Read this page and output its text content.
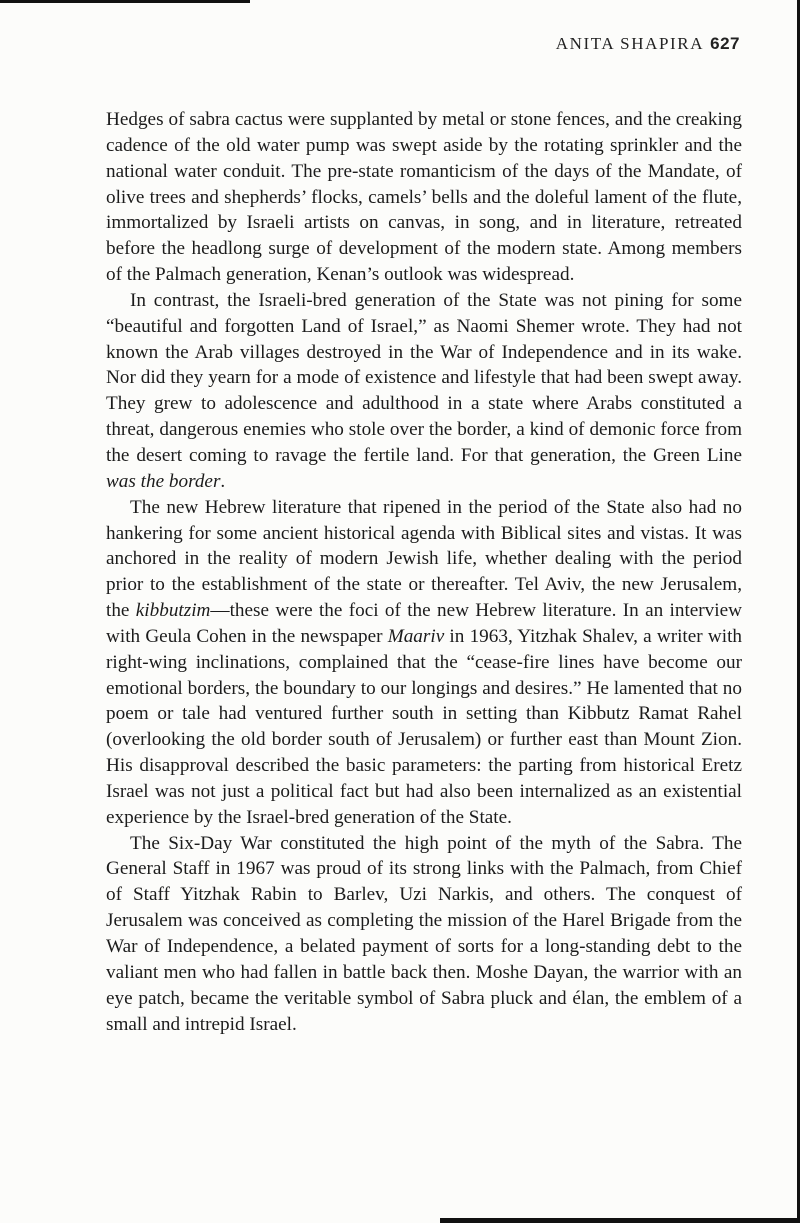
ANITA SHAPIRA 627

Hedges of sabra cactus were supplanted by metal or stone fences, and the creaking cadence of the old water pump was swept aside by the rotating sprinkler and the national water conduit. The pre-state romanticism of the days of the Mandate, of olive trees and shepherds’ flocks, camels’ bells and the doleful lament of the flute, immortalized by Israeli artists on canvas, in song, and in literature, retreated before the headlong surge of development of the modern state. Among members of the Palmach generation, Kenan’s outlook was widespread.

In contrast, the Israeli-bred generation of the State was not pining for some “beautiful and forgotten Land of Israel,” as Naomi Shemer wrote. They had not known the Arab villages destroyed in the War of Independence and in its wake. Nor did they yearn for a mode of existence and lifestyle that had been swept away. They grew to adolescence and adulthood in a state where Arabs constituted a threat, dangerous enemies who stole over the border, a kind of demonic force from the desert coming to ravage the fertile land. For that generation, the Green Line was the border.

The new Hebrew literature that ripened in the period of the State also had no hankering for some ancient historical agenda with Biblical sites and vistas. It was anchored in the reality of modern Jewish life, whether dealing with the period prior to the establishment of the state or thereafter. Tel Aviv, the new Jerusalem, the kibbutzim—these were the foci of the new Hebrew literature. In an interview with Geula Cohen in the newspaper Maariv in 1963, Yitzhak Shalev, a writer with right-wing inclinations, complained that the “cease-fire lines have become our emotional borders, the boundary to our longings and desires.” He lamented that no poem or tale had ventured further south in setting than Kibbutz Ramat Rahel (overlooking the old border south of Jerusalem) or further east than Mount Zion. His disapproval described the basic parameters: the parting from historical Eretz Israel was not just a political fact but had also been internalized as an existential experience by the Israel-bred generation of the State.

The Six-Day War constituted the high point of the myth of the Sabra. The General Staff in 1967 was proud of its strong links with the Palmach, from Chief of Staff Yitzhak Rabin to Barlev, Uzi Narkis, and others. The conquest of Jerusalem was conceived as completing the mission of the Harel Brigade from the War of Independence, a belated payment of sorts for a long-standing debt to the valiant men who had fallen in battle back then. Moshe Dayan, the warrior with an eye patch, became the veritable symbol of Sabra pluck and élan, the emblem of a small and intrepid Israel.
